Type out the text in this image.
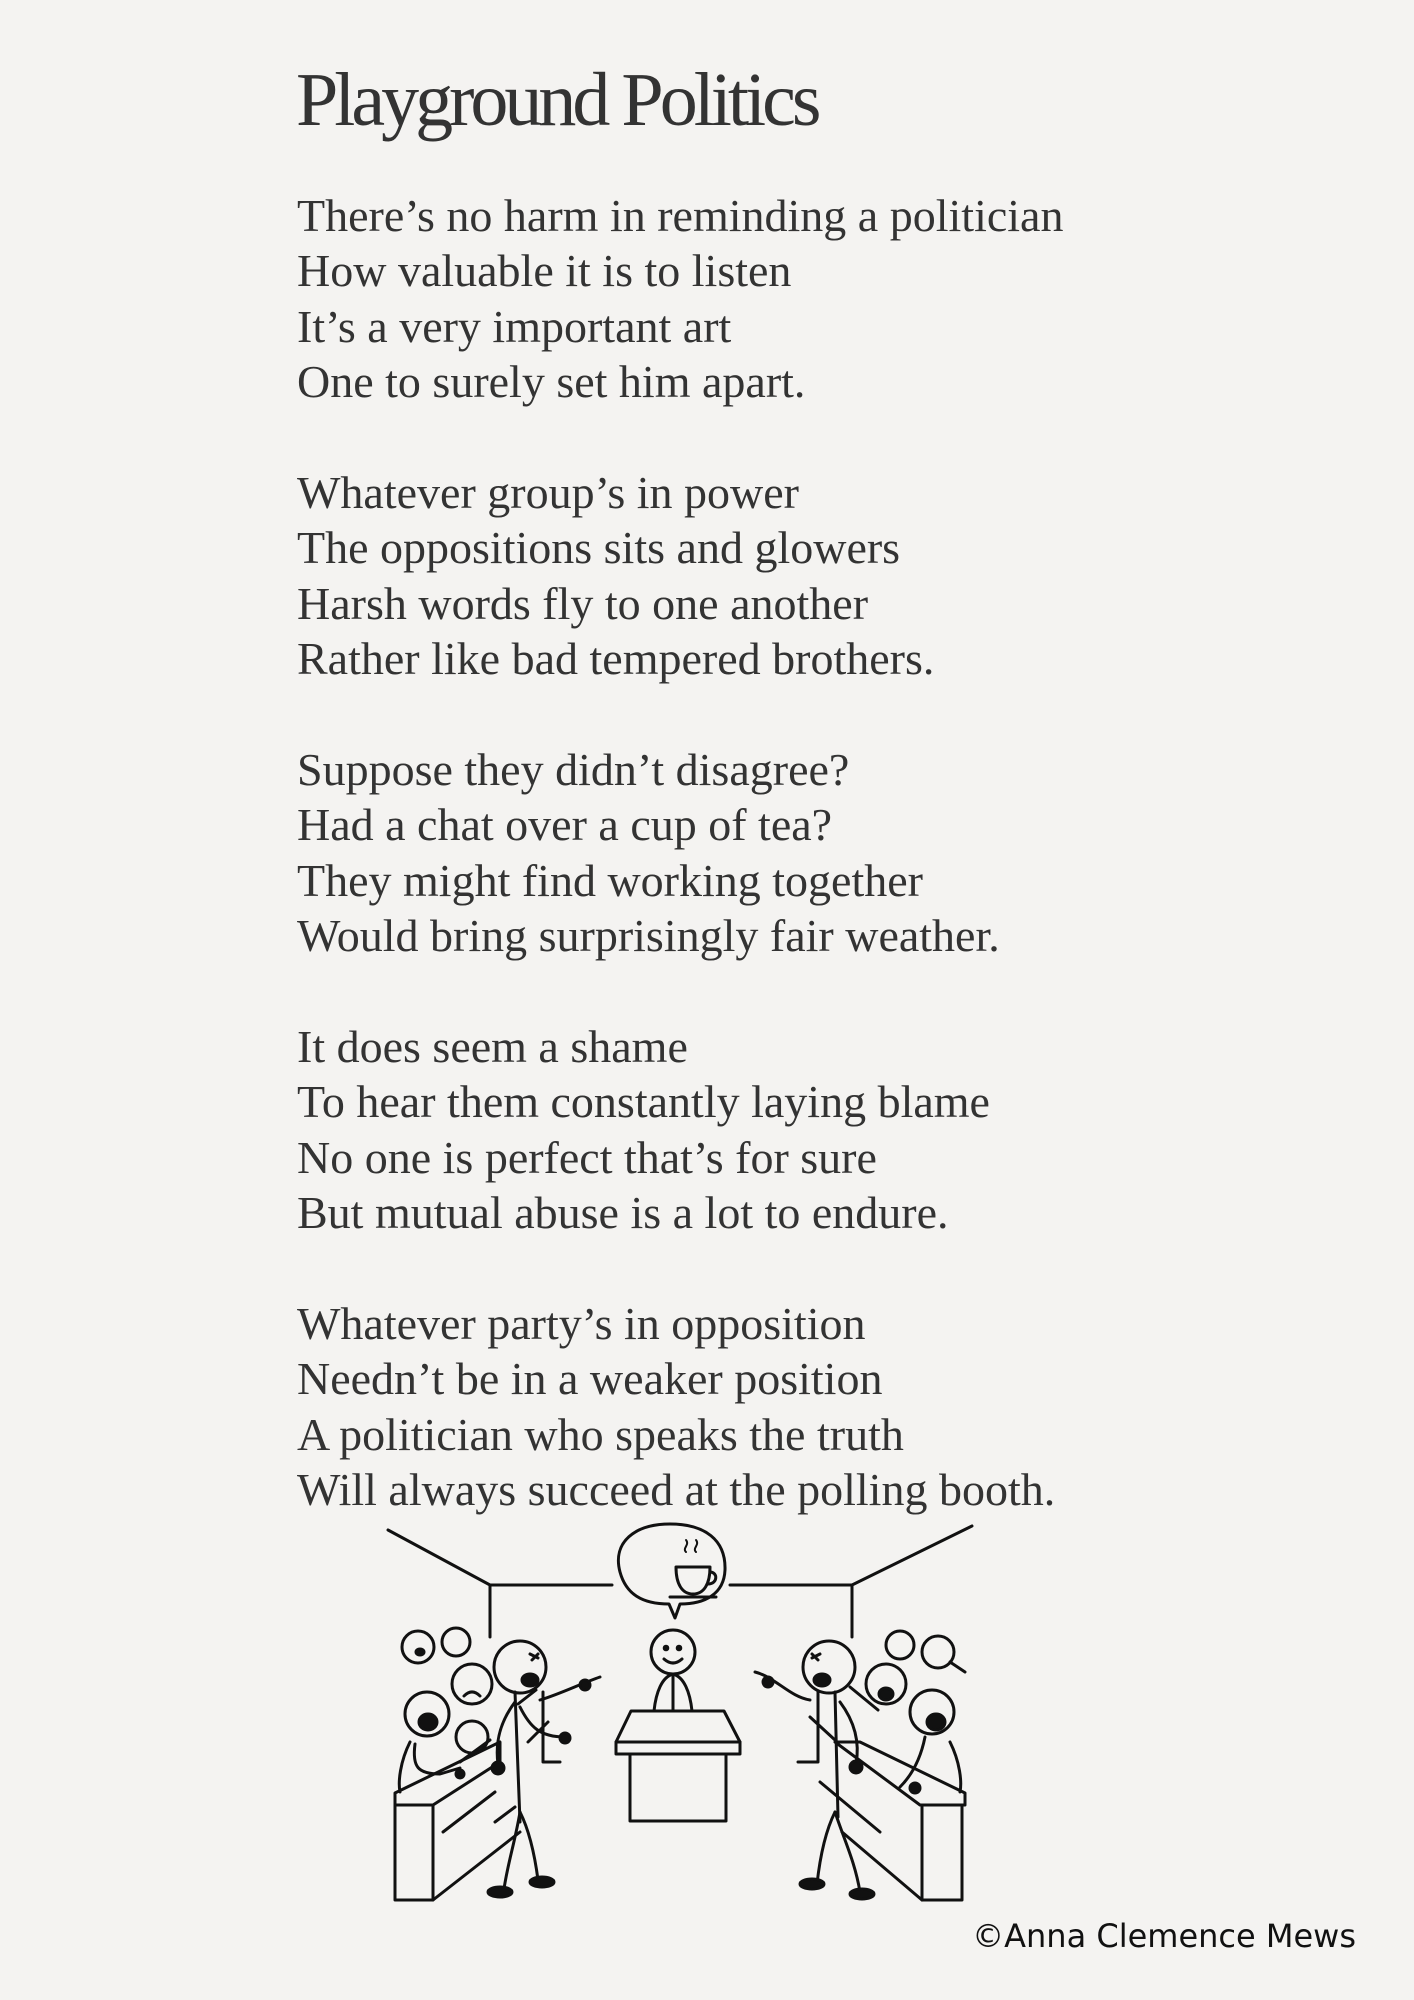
Playground Politics

There’s no harm in reminding a politician
How valuable it is to listen
It’s a very important art
One to surely set him apart.

Whatever group’s in power
The oppositions sits and glowers
Harsh words fly to one another
Rather like bad tempered brothers.

Suppose they didn’t disagree?
Had a chat over a cup of tea?
They might find working together
Would bring surprisingly fair weather.

It does seem a shame
To hear them constantly laying blame
No one is perfect that’s for sure
But mutual abuse is a lot to endure.

Whatever party’s in opposition
Needn’t be in a weaker position
A politician who speaks the truth
Will always succeed at the polling booth.

©Anna Clemence Mews
